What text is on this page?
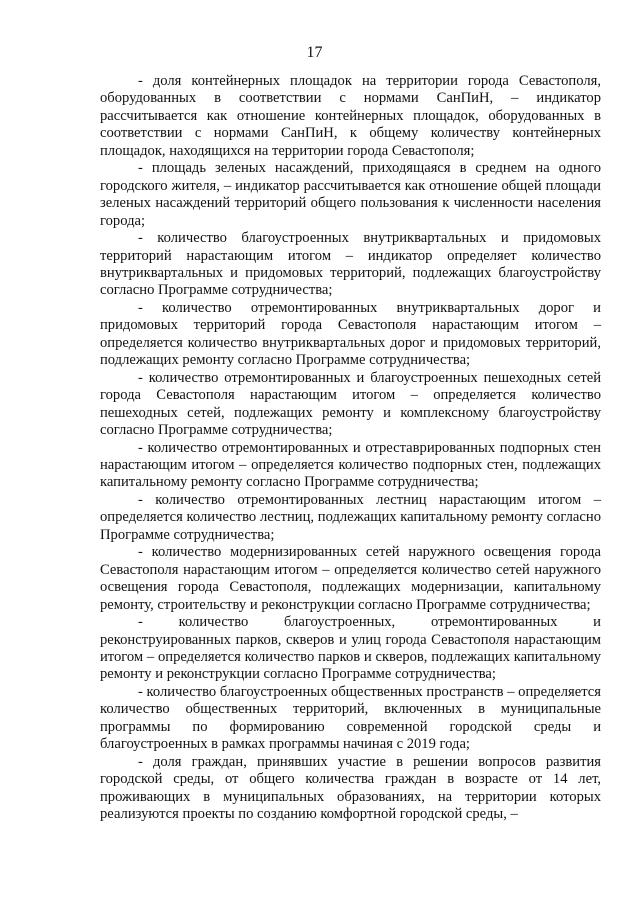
17

- доля контейнерных площадок на территории города Севастополя, оборудованных в соответствии с нормами СанПиН, – индикатор рассчитывается как отношение контейнерных площадок, оборудованных в соответствии с нормами СанПиН, к общему количеству контейнерных площадок, находящихся на территории города Севастополя;

- площадь зеленых насаждений, приходящаяся в среднем на одного городского жителя, – индикатор рассчитывается как отношение общей площади зеленых насаждений территорий общего пользования к численности населения города;

- количество благоустроенных внутриквартальных и придомовых территорий нарастающим итогом – индикатор определяет количество внутриквартальных и придомовых территорий, подлежащих благоустройству согласно Программе сотрудничества;

- количество отремонтированных внутриквартальных дорог и придомовых территорий города Севастополя нарастающим итогом – определяется количество внутриквартальных дорог и придомовых территорий, подлежащих ремонту согласно Программе сотрудничества;

- количество отремонтированных и благоустроенных пешеходных сетей города Севастополя нарастающим итогом – определяется количество пешеходных сетей, подлежащих ремонту и комплексному благоустройству согласно Программе сотрудничества;

- количество отремонтированных и отреставрированных подпорных стен нарастающим итогом – определяется количество подпорных стен, подлежащих капитальному ремонту согласно Программе сотрудничества;

- количество отремонтированных лестниц нарастающим итогом – определяется количество лестниц, подлежащих капитальному ремонту согласно Программе сотрудничества;

- количество модернизированных сетей наружного освещения города Севастополя нарастающим итогом – определяется количество сетей наружного освещения города Севастополя, подлежащих модернизации, капитальному ремонту, строительству и реконструкции согласно Программе сотрудничества;

- количество благоустроенных, отремонтированных и реконструированных парков, скверов и улиц города Севастополя нарастающим итогом – определяется количество парков и скверов, подлежащих капитальному ремонту и реконструкции согласно Программе сотрудничества;

- количество благоустроенных общественных пространств – определяется количество общественных территорий, включенных в муниципальные программы по формированию современной городской среды и благоустроенных в рамках программы начиная с 2019 года;

- доля граждан, принявших участие в решении вопросов развития городской среды, от общего количества граждан в возрасте от 14 лет, проживающих в муниципальных образованиях, на территории которых реализуются проекты по созданию комфортной городской среды, –
